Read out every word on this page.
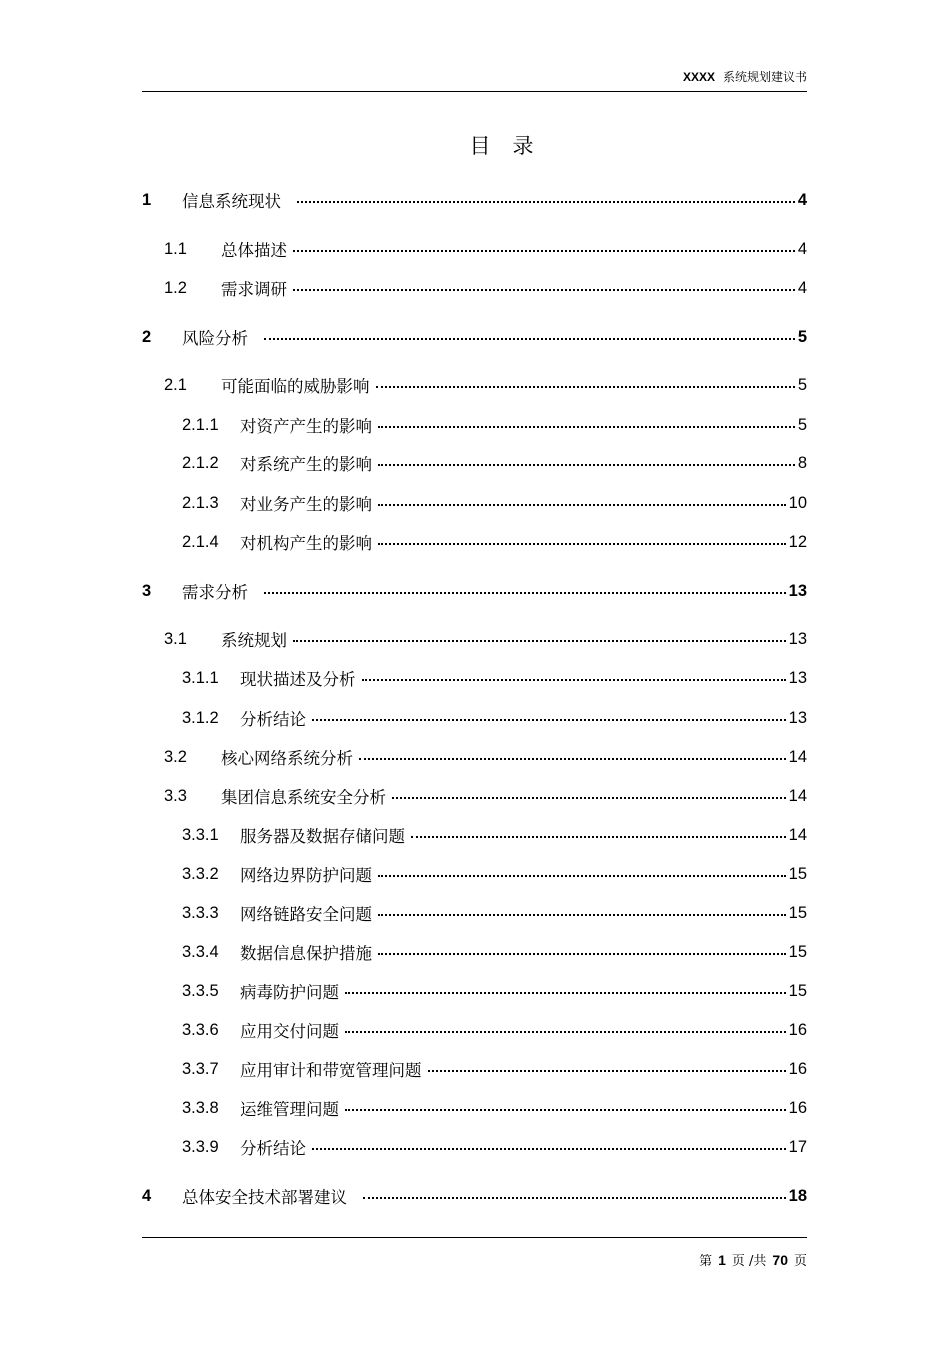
XXXX 系统规划建议书
目录
1	信息系统现状	4
1.1	总体描述	4
1.2	需求调研	4
2	风险分析	5
2.1	可能面临的威胁影响	5
2.1.1	对资产产生的影响	5
2.1.2	对系统产生的影响	8
2.1.3	对业务产生的影响	10
2.1.4	对机构产生的影响	12
3	需求分析	13
3.1	系统规划	13
3.1.1	现状描述及分析	13
3.1.2	分析结论	13
3.2	核心网络系统分析	14
3.3	集团信息系统安全分析	14
3.3.1	服务器及数据存储问题	14
3.3.2	网络边界防护问题	15
3.3.3	网络链路安全问题	15
3.3.4	数据信息保护措施	15
3.3.5	病毒防护问题	15
3.3.6	应用交付问题	16
3.3.7	应用审计和带宽管理问题	16
3.3.8	运维管理问题	16
3.3.9	分析结论	17
4	总体安全技术部署建议	18
第 1 页 /共 70 页
